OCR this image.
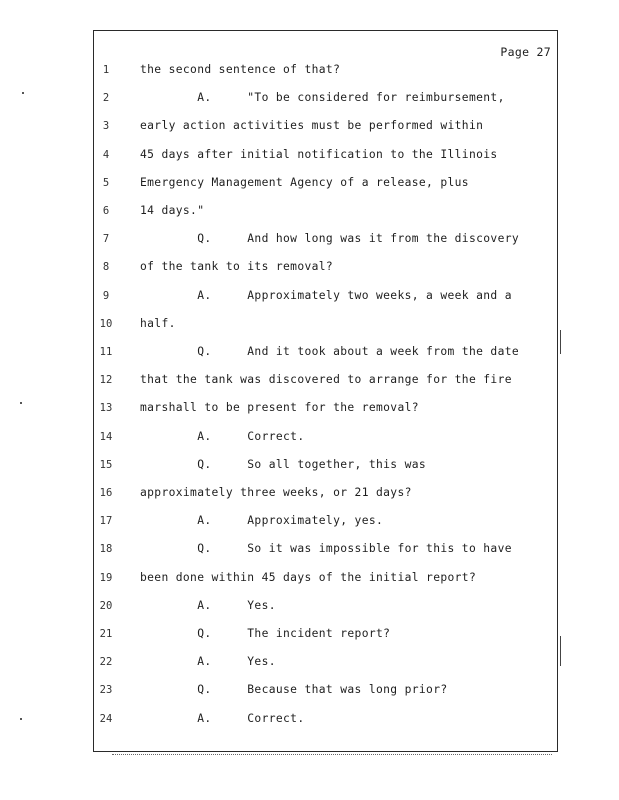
Page 27
1	the second sentence of that?
2	A.     "To be considered for reimbursement,
3	early action activities must be performed within
4	45 days after initial notification to the Illinois
5	Emergency Management Agency of a release, plus
6	14 days."
7	Q.     And how long was it from the discovery
8	of the tank to its removal?
9	A.     Approximately two weeks, a week and a
10	half.
11	Q.     And it took about a week from the date
12	that the tank was discovered to arrange for the fire
13	marshall to be present for the removal?
14	A.     Correct.
15	Q.     So all together, this was
16	approximately three weeks, or 21 days?
17	A.     Approximately, yes.
18	Q.     So it was impossible for this to have
19	been done within 45 days of the initial report?
20	A.     Yes.
21	Q.     The incident report?
22	A.     Yes.
23	Q.     Because that was long prior?
24	A.     Correct.
